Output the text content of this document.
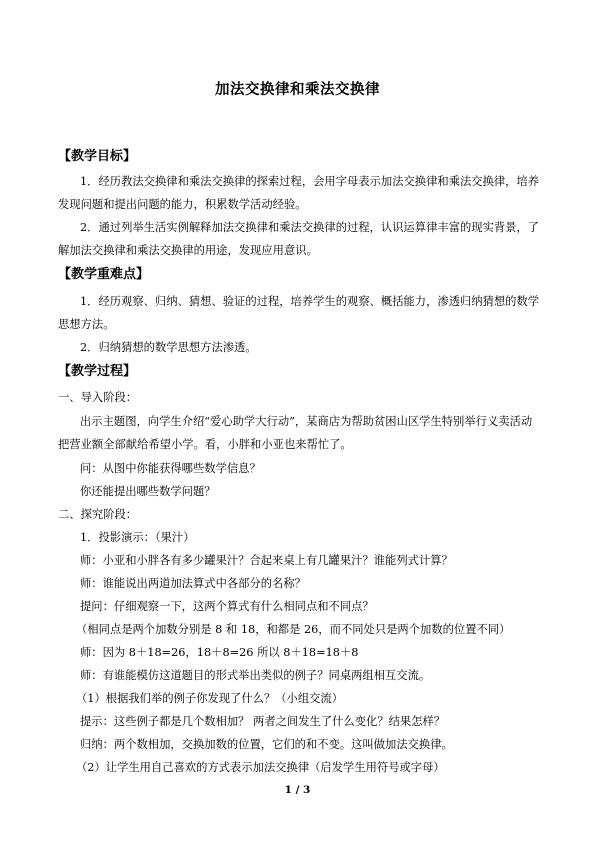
加法交换律和乘法交换律
【教学目标】
1．经历教法交换律和乘法交换律的探索过程，会用字母表示加法交换律和乘法交换律，培养发现问题和提出问题的能力，积累数学活动经验。
2．通过列举生活实例解释加法交换律和乘法交换律的过程，认识运算律丰富的现实背景，了解加法交换律和乘法交换律的用途，发现应用意识。
【教学重难点】
1．经历观察、归纳、猜想、验证的过程，培养学生的观察、概括能力，渗透归纳猜想的数学思想方法。
2．归纳猜想的数学思想方法渗透。
【教学过程】
一、导入阶段：
出示主题图，向学生介绍“爱心助学大行动”，某商店为帮助贫困山区学生特别举行义卖活动把营业额全部献给希望小学。看，小胖和小亚也来帮忙了。
问：从图中你能获得哪些数学信息？
你还能提出哪些数学问题？
二、探究阶段：
1．投影演示：（果汁）
师：小亚和小胖各有多少罐果汁？合起来桌上有几罐果汁？谁能列式计算？
师：谁能说出两道加法算式中各部分的名称？
提问：仔细观察一下，这两个算式有什么相同点和不同点？
（相同点是两个加数分别是 8 和 18，和都是 26，而不同处只是两个加数的位置不同）
师：因为 8＋18=26，18＋8=26 所以 8＋18=18＋8
师：有谁能模仿这道题目的形式举出类似的例子？同桌两组相互交流。
（1）根据我们举的例子你发现了什么？（小组交流）
提示：这些例子都是几个数相加？ 两者之间发生了什么变化？结果怎样？
归纳：两个数相加，交换加数的位置，它们的和不变。这叫做加法交换律。
（2）让学生用自己喜欢的方式表示加法交换律（启发学生用符号或字母）
1 / 3
